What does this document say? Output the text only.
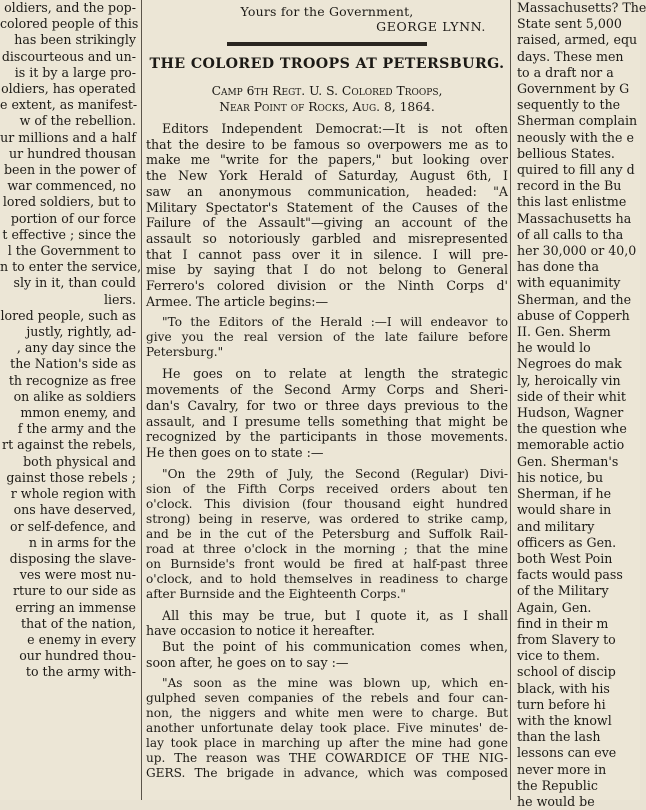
oldiers, and the pop-

colored people of this

has been strikingly

discourteous and un-

is it by a large pro-

oldiers, has operated

e extent, as manifest-

w of the rebellion.

ur millions and a half

ur hundred thousan

been in the power of

war commenced, no

lored soldiers, but to

portion of our force

t effective ; since the

l the Government to

n to enter the service,

sly in it, than could

liers.

lored people, such as

justly, rightly, ad-

, any day since the

the Nation's side as

th recognize as free

on alike as soldiers

mmon enemy, and

f the army and the

rt against the rebels,

both physical and

gainst those rebels ;

r whole region with

ons have deserved,

or self-defence, and

n in arms for the

disposing the slave-

ves were most nu-

rture to our side as

erring an immense

that of the nation,

e enemy in every

our hundred thou-

to the army with-

Yours for the Government,

GEORGE LYNN.

THE COLORED TROOPS AT PETERSBURG.
Camp 6th Regt. U. S. Colored Troops,
Near Point of Rocks, Aug. 8, 1864.

Editors Independent Democrat:—It is not often

that the desire to be famous so overpowers me as to

make me "write for the papers," but looking over

the New York Herald of Saturday, August 6th, I

saw an anonymous communication, headed: "A

Military Spectator's Statement of the Causes of the

Failure of the Assault"—giving an account of the

assault so notoriously garbled and misrepresented

that I cannot pass over it in silence. I will pre-

mise by saying that I do not belong to General

Ferrero's colored division or the Ninth Corps d'

Armee. The article begins:—

"To the Editors of the Herald :—I will endeavor to

give you the real version of the late failure before

Petersburg."

He goes on to relate at length the strategic

movements of the Second Army Corps and Sheri-

dan's Cavalry, for two or three days previous to the

assault, and I presume tells something that might be

recognized by the participants in those movements.

He then goes on to state :—

"On the 29th of July, the Second (Regular) Divi-

sion of the Fifth Corps received orders about ten

o'clock. This division (four thousand eight hundred

strong) being in reserve, was ordered to strike camp,

and be in the cut of the Petersburg and Suffolk Rail-

road at three o'clock in the morning ; that the mine

on Burnside's front would be fired at half-past three

o'clock, and to hold themselves in readiness to charge

after Burnside and the Eighteenth Corps."

All this may be true, but I quote it, as I shall

have occasion to notice it hereafter.

But the point of his communication comes when,

soon after, he goes on to say :—

"As soon as the mine was blown up, which en-

gulphed seven companies of the rebels and four can-

non, the niggers and white men were to charge. But

another unfortunate delay took place. Five minutes' de-

lay took place in marching up after the mine had gone

up. The reason was THE COWARDICE OF THE NIG-

GERS. The brigade in advance, which was composed

Massachusetts? The

State sent 5,000

raised, armed, equ

days. These men

to a draft nor a

Government by G

sequently to the

Sherman complain

neously with the e

bellious States.

quired to fill any d

record in the Bu

this last enlistme

Massachusetts ha

of all calls to tha

her 30,000 or 40,0

has done tha

with equanimity

Sherman, and the

abuse of Copperh

II. Gen. Sherm

he would lo

Negroes do mak

ly, heroically vin

side of their whit

Hudson, Wagner

the question whe

memorable actio

Gen. Sherman's

his notice, bu

Sherman, if he

would share in

and military

officers as Gen.

both West Poin

facts would pass

of the Military

Again, Gen.

find in their m

from Slavery to

vice to them.

school of discip

black, with his

turn before hi

with the knowl

than the lash

lessons can eve

never more in

the Republic

he would be
